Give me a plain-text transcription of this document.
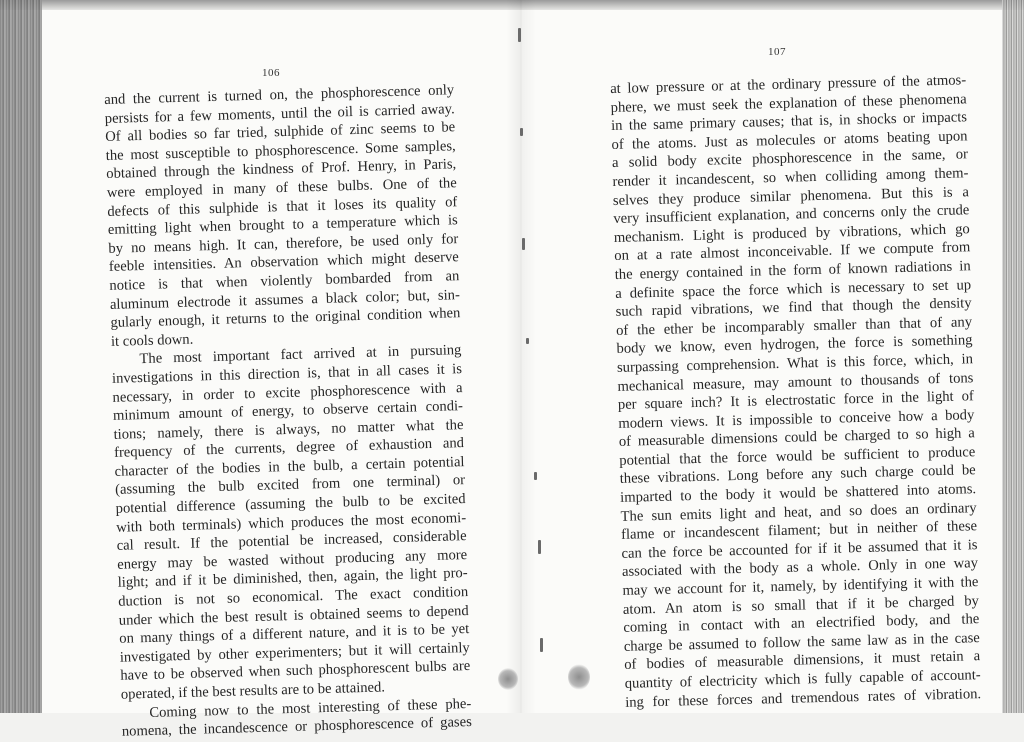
106
107
and the current is turned on, the phosphorescence only
persists for a few moments, until the oil is carried away.
Of all bodies so far tried, sulphide of zinc seems to be
the most susceptible to phosphorescence. Some samples,
obtained through the kindness of Prof. Henry, in Paris,
were employed in many of these bulbs. One of the
defects of this sulphide is that it loses its quality of
emitting light when brought to a temperature which is
by no means high. It can, therefore, be used only for
feeble intensities. An observation which might deserve
notice is that when violently bombarded from an
aluminum electrode it assumes a black color; but, sin-
gularly enough, it returns to the original condition when
it cools down.
The most important fact arrived at in pursuing
investigations in this direction is, that in all cases it is
necessary, in order to excite phosphorescence with a
minimum amount of energy, to observe certain condi-
tions; namely, there is always, no matter what the
frequency of the currents, degree of exhaustion and
character of the bodies in the bulb, a certain potential
(assuming the bulb excited from one terminal) or
potential difference (assuming the bulb to be excited
with both terminals) which produces the most economi-
cal result. If the potential be increased, considerable
energy may be wasted without producing any more
light; and if it be diminished, then, again, the light pro-
duction is not so economical. The exact condition
under which the best result is obtained seems to depend
on many things of a different nature, and it is to be yet
investigated by other experimenters; but it will certainly
have to be observed when such phosphorescent bulbs are
operated, if the best results are to be attained.
Coming now to the most interesting of these phe-
nomena, the incandescence or phosphorescence of gases
at low pressure or at the ordinary pressure of the atmos-
phere, we must seek the explanation of these phenomena
in the same primary causes; that is, in shocks or impacts
of the atoms. Just as molecules or atoms beating upon
a solid body excite phosphorescence in the same, or
render it incandescent, so when colliding among them-
selves they produce similar phenomena. But this is a
very insufficient explanation, and concerns only the crude
mechanism. Light is produced by vibrations, which go
on at a rate almost inconceivable. If we compute from
the energy contained in the form of known radiations in
a definite space the force which is necessary to set up
such rapid vibrations, we find that though the density
of the ether be incomparably smaller than that of any
body we know, even hydrogen, the force is something
surpassing comprehension. What is this force, which, in
mechanical measure, may amount to thousands of tons
per square inch? It is electrostatic force in the light of
modern views. It is impossible to conceive how a body
of measurable dimensions could be charged to so high a
potential that the force would be sufficient to produce
these vibrations. Long before any such charge could be
imparted to the body it would be shattered into atoms.
The sun emits light and heat, and so does an ordinary
flame or incandescent filament; but in neither of these
can the force be accounted for if it be assumed that it is
associated with the body as a whole. Only in one way
may we account for it, namely, by identifying it with the
atom. An atom is so small that if it be charged by
coming in contact with an electrified body, and the
charge be assumed to follow the same law as in the case
of bodies of measurable dimensions, it must retain a
quantity of electricity which is fully capable of account-
ing for these forces and tremendous rates of vibration.
